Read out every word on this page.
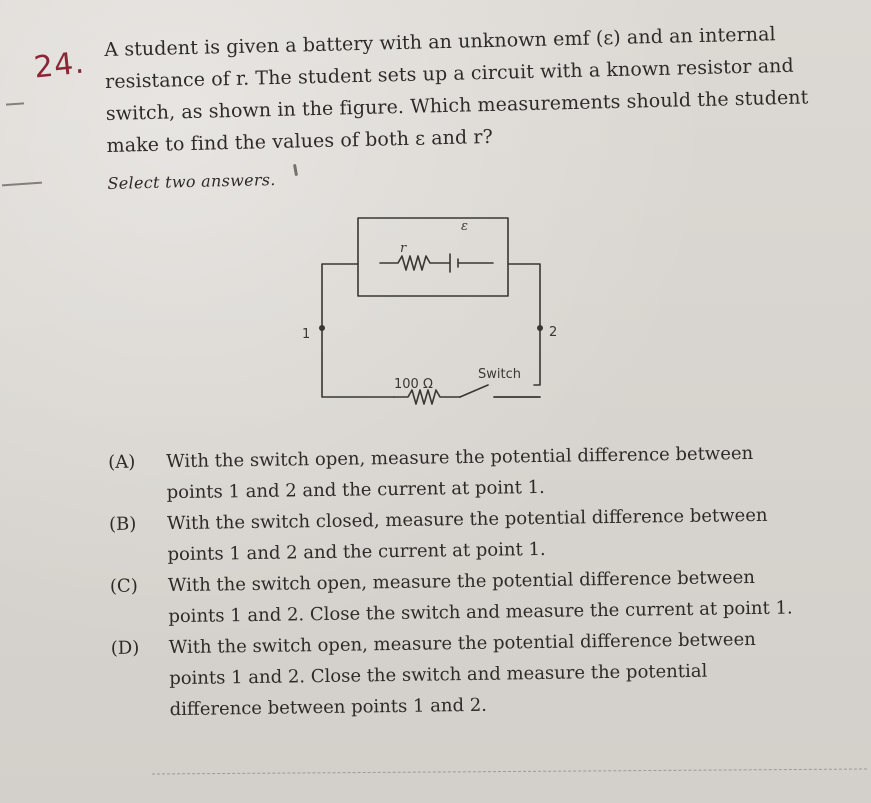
24.
A student is given a battery with an unknown emf (ε) and an internal resistance of r. The student sets up a circuit with a known resistor and switch, as shown in the figure. Which measurements should the student make to find the values of both ε and r?
Select two answers.
r
ε
1	2
100 Ω
Switch

(A)	With the switch open, measure the potential difference between points 1 and 2 and the current at point 1.

(B)	With the switch closed, measure the potential difference between points 1 and 2 and the current at point 1.

(C)	With the switch open, measure the potential difference between points 1 and 2. Close the switch and measure the current at point 1.

(D)	With the switch open, measure the potential difference between points 1 and 2. Close the switch and measure the potential difference between points 1 and 2.
